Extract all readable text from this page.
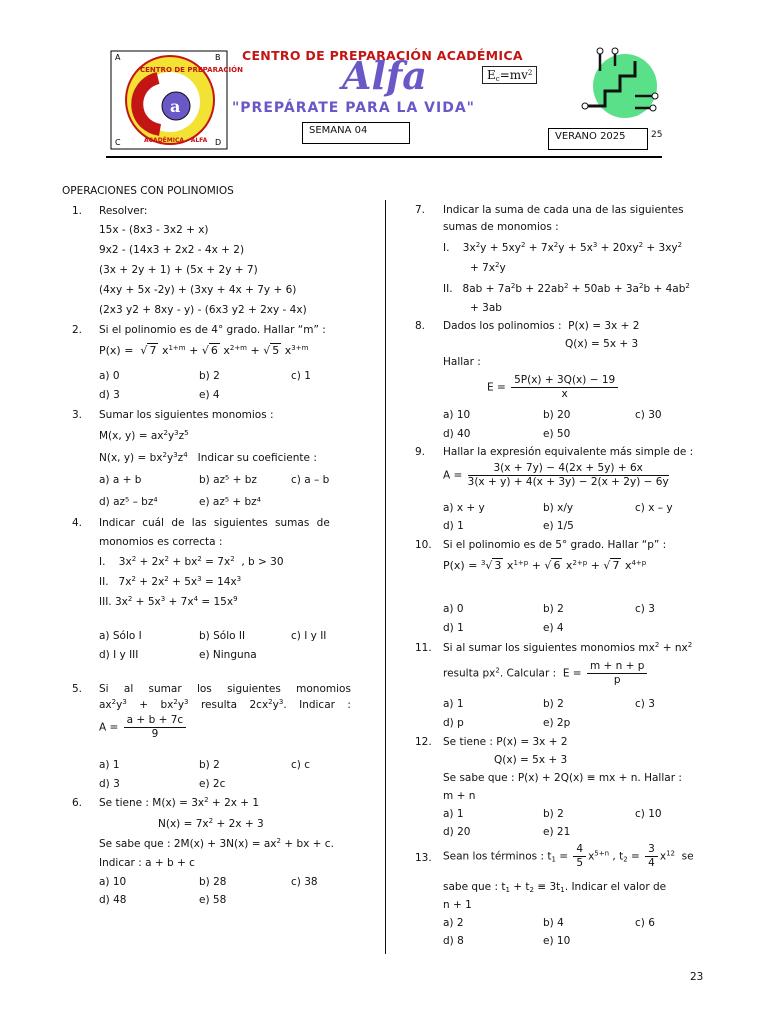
A	B
C	D
a
CENTRO DE PREPARACIÓN
ACADÉMICA - ALFA
CENTRO DE PREPARACIÓN ACADÉMICA
Alfa	$E_c=mv^2$
"PREPÁRATE PARA LA VIDA"
SEMANA 04
VERANO 2025	25
OPERACIONES CON POLINOMIOS
1. Resolver:
15x - (8x3 - 3x2 + x)
9x2 - (14x3 + 2x2 - 4x + 2)
(3x + 2y + 1) + (5x + 2y + 7)
(4xy + 5x -2y) + (3xy + 4x + 7y + 6)
(2x3 y2 + 8xy - y) - (6x3 y2 + 2xy - 4x)
2. Si el polinomio es de 4° grado. Hallar “m” :
P(x) =  √ 7 $x^{1+m}$ + √ 6 $x^{2+m}$ + √ 5 $x^{3+m}$
a) 0	b) 2	c) 1
d) 3	e) 4
3. Sumar los siguientes monomios :
M(x, $y) = ax^2y^3z^5$
N(x, $y) = bx^2y^3z^4$ Indicar su coeficiente :
a) a + b	b) az⁵ + bz	c) a – b
d) az⁵ – bz⁴	e) az⁵ + bz⁴
4. Indicar cuál de las siguientes sumas de
monomios es correcta :
I.    $3x^2 + 2x^2 + bx^2 = 7x^2$  , b > 30
II.   $7x^2 + 2x^2 + 5x^3 = 14x^3$
III. $3x^2 + 5x^3 + 7x^4 = 15x^9$
a) Sólo I	b) Sólo II	c) I y II
d) I y III	e) Ninguna
5. Si al sumar los siguientes monomios
$ax^2y^3 + bx^2y^3$ resulta $2cx^2y^3$. Indicar :
$A = \frac{a + b + 7c}{9}$
a) 1	b) 2	c) c
d) 3	e) 2c
6. Se tiene : $M(x) = 3x^2 + 2x + 1$
$N(x) = 7x^2 + 2x + 3$
Se sabe que : $2M(x) + 3N(x) = ax^2$ + bx + c.
Indicar : a + b + c
a) 10	b) 28	c) 38
d) 48	e) 58
7. Indicar la suma de cada una de las siguientes
sumas de monomios :
I.    $3x^2y + 5xy^2 + 7x^2y + 5x^3 + 20xy^2 + 3xy^2$
+ $7x^2y$
II.   $8ab + 7a^2b + 22ab^2 + 50ab + 3a^2b + 4ab^2$
+ 3ab
8. Dados los polinomios :  P(x) = 3x + 2
Q(x) = 5x + 3
Hallar :
$E = \frac{5P(x) + 3Q(x) - 19}{x}$
a) 10	b) 20	c) 30
d) 40	e) 50
9. Hallar la expresión equivalente más simple de :
$A = \frac{3(x + 7y) - 4(2x + 5y) + 6x}{3(x + y) + 4(x + 3y) - 2(x + 2y) - 6y}$
a) x + y	b) x/y	c) x – y
d) 1	e) 1/5
10. Si el polinomio es de 5° grado. Hallar “p” :
P(x) = $^3$√ 3 $x^{1+p}$ + √ 6 $x^{2+p}$ + √ 7 $x^{4+p}$
a) 0	b) 2	c) 3
d) 1	e) 4
11. Si al sumar los siguientes monomios $mx^2 + nx^2$
resulta $px^2$. Calcular :  $E = \frac{m + n + p}{p}$
a) 1	b) 2	c) 3
d) p	e) 2p
12. Se tiene : P(x) = 3x + 2
Q(x) = 5x + 3
Se sabe que : P(x) + 2Q(x) ≡ mx + n. Hallar :
m + n
a) 1	b) 2	c) 10
d) 20	e) 21
13. Sean los términos : $t_1 = \frac{4}{5} x^{5+n}$ , $t_2 = \frac{3}{4} x^{12}$  se
sabe que : $t_1 + t_2 \equiv 3t_1$. Indicar el valor de
n + 1
a) 2	b) 4	c) 6
d) 8	e) 10
23
